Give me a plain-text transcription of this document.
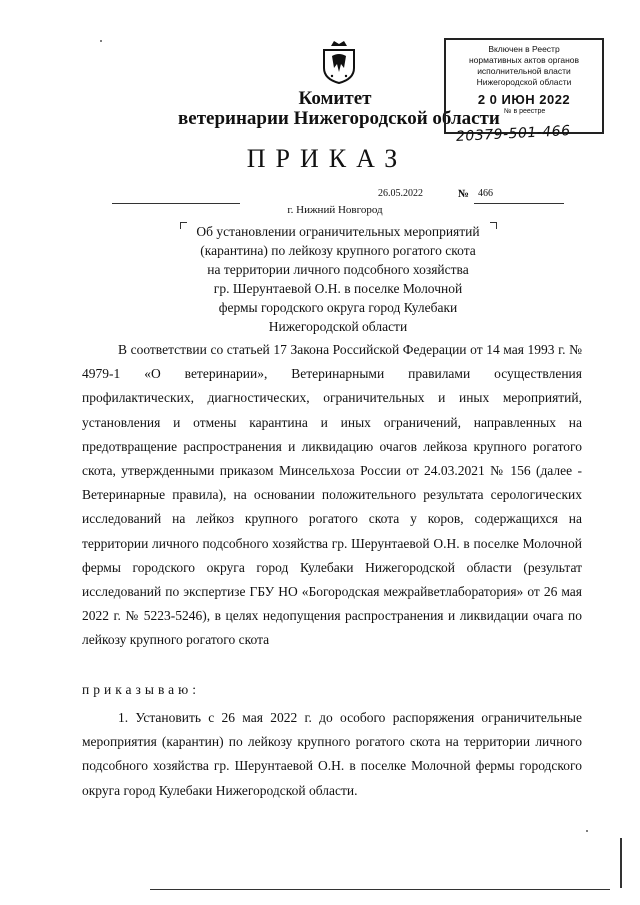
Комитет
ветеринарии Нижегородской области
ПРИКАЗ
Включен в Реестр
нормативных актов органов
исполнительной власти
Нижегородской области
2 0 ИЮН 2022
№ в реестре
20379-501-466
26.05.2022	№ 466
г. Нижний Новгород
Об установлении ограничительных мероприятий
(карантина) по лейкозу крупного рогатого скота
на территории личного подсобного хозяйства
гр. Шерунтаевой О.Н. в поселке Молочной
фермы городского округа город Кулебаки
Нижегородской области

В соответствии со статьей 17 Закона Российской Федерации от 14 мая 1993 г. № 4979-1 «О ветеринарии», Ветеринарными правилами осуществления профилактических, диагностических, ограничительных и иных мероприятий, установления и отмены карантина и иных ограничений, направленных на предотвращение распространения и ликвидацию очагов лейкоза крупного рогатого скота, утвержденными приказом Минсельхоза России от 24.03.2021 № 156 (далее - Ветеринарные правила), на основании положительного результата серологических исследований на лейкоз крупного рогатого скота у коров, содержащихся на территории личного подсобного хозяйства гр. Шерунтаевой О.Н. в поселке Молочной фермы городского округа город Кулебаки Нижегородской области (результат исследований по экспертизе ГБУ НО «Богородская межрайветлаборатория» от 26 мая 2022 г. № 5223-5246), в целях недопущения распространения и ликвидации очага по лейкозу крупного рогатого скота

приказываю:

1. Установить с 26 мая 2022 г. до особого распоряжения ограничительные мероприятия (карантин) по лейкозу крупного рогатого скота на территории личного подсобного хозяйства гр. Шерунтаевой О.Н. в поселке Молочной фермы городского округа город Кулебаки Нижегородской области.
